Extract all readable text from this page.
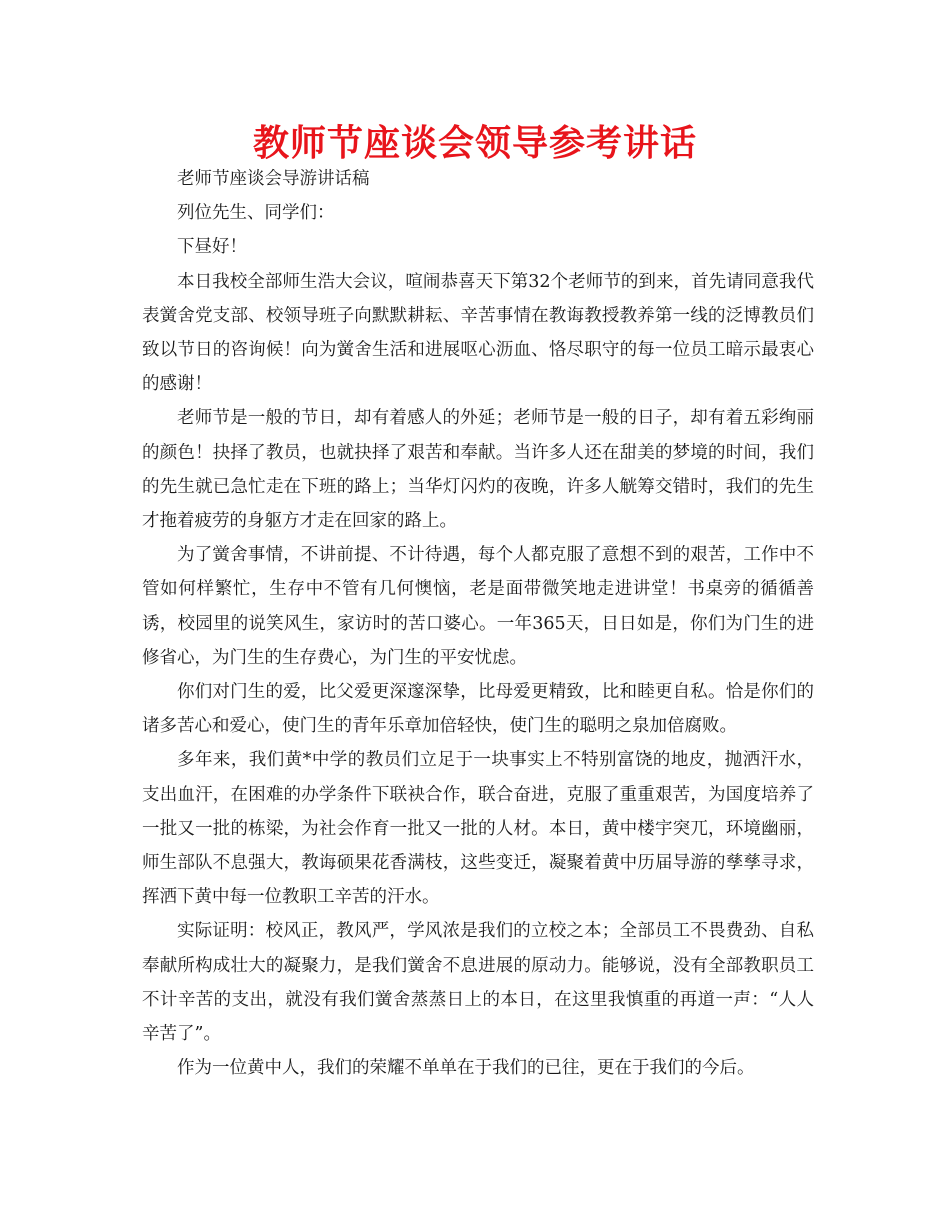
教师节座谈会领导参考讲话

老师节座谈会导游讲话稿

列位先生、同学们：

下昼好！

本日我校全部师生浩大会议，喧闹恭喜天下第32个老师节的到来，首先请同意我代表黉舍党支部、校领导班子向默默耕耘、辛苦事情在教诲教授教养第一线的泛博教员们致以节日的咨询候！向为黉舍生活和进展呕心沥血、恪尽职守的每一位员工暗示最衷心的感谢！

老师节是一般的节日，却有着感人的外延；老师节是一般的日子，却有着五彩绚丽的颜色！抉择了教员，也就抉择了艰苦和奉献。当许多人还在甜美的梦境的时间，我们的先生就已急忙走在下班的路上；当华灯闪灼的夜晚，许多人觥筹交错时，我们的先生才拖着疲劳的身躯方才走在回家的路上。

为了黉舍事情，不讲前提、不计待遇，每个人都克服了意想不到的艰苦，工作中不管如何样繁忙，生存中不管有几何懊恼，老是面带微笑地走进讲堂！书桌旁的循循善诱，校园里的说笑风生，家访时的苦口婆心。一年365天，日日如是，你们为门生的进修省心，为门生的生存费心，为门生的平安忧虑。

你们对门生的爱，比父爱更深邃深挚，比母爱更精致，比和睦更自私。恰是你们的诸多苦心和爱心，使门生的青年乐章加倍轻快，使门生的聪明之泉加倍腐败。

多年来，我们黄*中学的教员们立足于一块事实上不特别富饶的地皮，抛洒汗水，支出血汗，在困难的办学条件下联袂合作，联合奋进，克服了重重艰苦，为国度培养了一批又一批的栋梁，为社会作育一批又一批的人材。本日，黄中楼宇突兀，环境幽丽，师生部队不息强大，教诲硕果花香满枝，这些变迁，凝聚着黄中历届导游的孳孳寻求，挥洒下黄中每一位教职工辛苦的汗水。

实际证明：校风正，教风严，学风浓是我们的立校之本；全部员工不畏费劲、自私奉献所构成壮大的凝聚力，是我们黉舍不息进展的原动力。能够说，没有全部教职员工不计辛苦的支出，就没有我们黉舍蒸蒸日上的本日，在这里我慎重的再道一声：“人人辛苦了”。

作为一位黄中人，我们的荣耀不单单在于我们的已往，更在于我们的今后。
